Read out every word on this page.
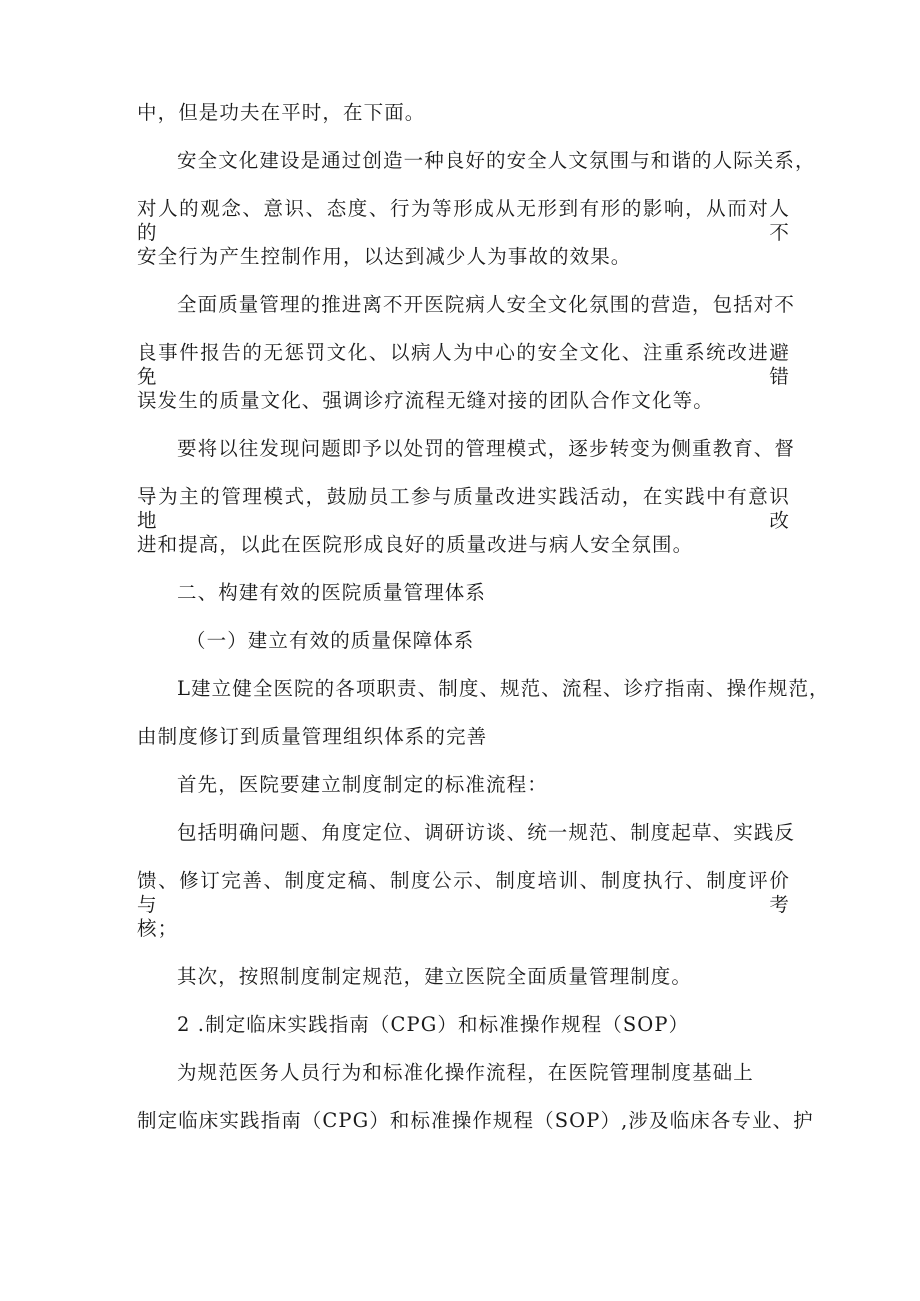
中，但是功夫在平时，在下面。
安全文化建设是通过创造一种良好的安全人文氛围与和谐的人际关系，
对人的观念、意识、态度、行为等形成从无形到有形的影响，从而对人的不
安全行为产生控制作用，以达到减少人为事故的效果。
全面质量管理的推进离不开医院病人安全文化氛围的营造，包括对不
良事件报告的无惩罚文化、以病人为中心的安全文化、注重系统改进避免错
误发生的质量文化、强调诊疗流程无缝对接的团队合作文化等。
要将以往发现问题即予以处罚的管理模式，逐步转变为侧重教育、督
导为主的管理模式，鼓励员工参与质量改进实践活动，在实践中有意识地改
进和提高，以此在医院形成良好的质量改进与病人安全氛围。
二、构建有效的医院质量管理体系
（一）建立有效的质量保障体系
L建立健全医院的各项职责、制度、规范、流程、诊疗指南、操作规范，
由制度修订到质量管理组织体系的完善
首先，医院要建立制度制定的标准流程：
包括明确问题、角度定位、调研访谈、统一规范、制度起草、实践反
馈、修订完善、制度定稿、制度公示、制度培训、制度执行、制度评价与考
核；
其次，按照制度制定规范，建立医院全面质量管理制度。
2 .制定临床实践指南（CPG）和标准操作规程（SOP）
为规范医务人员行为和标准化操作流程，在医院管理制度基础上
制定临床实践指南（CPG）和标准操作规程（SOP）,涉及临床各专业、护
